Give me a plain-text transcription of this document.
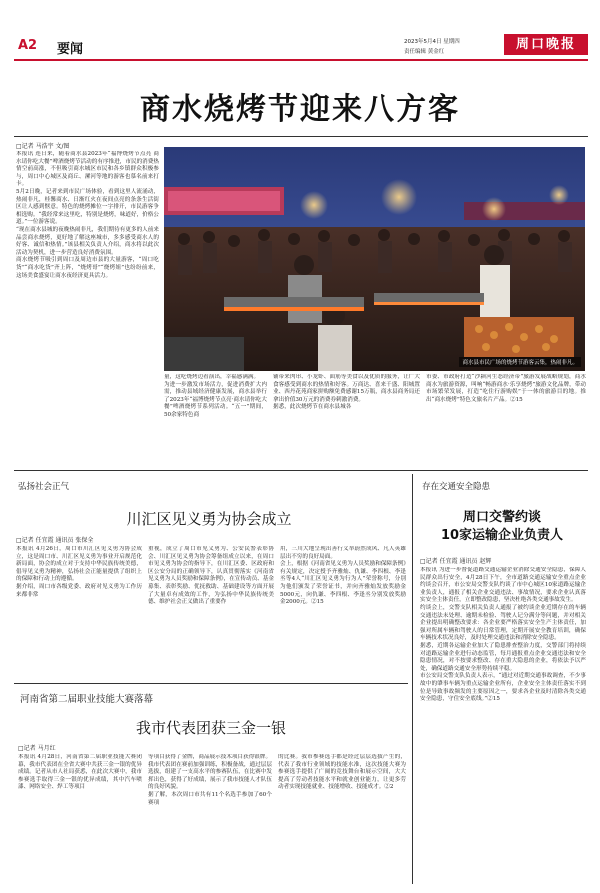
A2 要闻	2023年5月4日 星期四
责任编辑 黄金红	周口晚报
商水烧烤节迎来八方客
□记者 马浩宇 文/图
本报讯 连日来，随着商水县2023年“福博烧烤节点亮 商水请你吃大餐”啤酒烧烤节活动的有序推进，市民的消费热情空前高涨，不但吸引商水城区市民和各乡镇群众积极参与，周口中心城区及商丘、漯河等地的游客也慕名前来打卡。
5月2日晚，记者来到市民广场体验，看到这里人流涌动，热闹非凡，桂馨商水、日渐红火在夜间点亮的条条生活街区让人感到惬意。特色的烧烤摊位一字排开，市民游客争相选购。“我经常来这里吃，特别是烧烤，味道好，价格公道。”一位游客说。
“现在商水县城的夜晚热闹非凡，我们期待有更多的人前来品尝商水烧烤，更好地了解这座城市，多多感受商水人的好客、诚信和热情。”该县相关负责人介绍，商水将以此次活动为契机，进一步营造良好消费氛围。
商水烧烤节吸引到周口及周边市县的大量游客，“周口吃货”“商水吃货”齐上阵，“烧烤哥”“烧烤姐”也纷纷前来，这场美食盛宴让商水夜经济更具活力。
商水县市民广场的烧烤节游客云集，热闹非凡。
量，这吃烧烤边看演出，幸福感满满。
为进一步激发市场活力，促进消费扩大内需，推动县域经济健康发展，商水县举行了2023年“福博烧烤节点亮·商水请你吃大餐”啤酒烧烤节系列活动。“五一”期间，50余家特色商
铺带来肉串、小龙虾、面筋等美食以及优质的服务，让广大食客感受到商水的热情和好客。万商达、喜来千盛、阳城置业、西丹花苑商家拼购额免费感谢15万瓶，商水县商务局还拿出价值30万元的消费券刺激消费。
据悉，此次烧烤节在商水县城各
市委、市政府打造“沙颍河生态经济带”旅游发展战略规划，商水商水为旅游资源，叫响“畅游商水·乐享烧烤”旅游文化品牌，带动市场繁荣发展，打造“吃住行游购娱”于一体的旅游目的地。推出“商水烧烤”特色文旅名片产品。②15
弘扬社会正气
川汇区见义勇为协会成立
□记者 任宜霞 通讯员 张保全
本报讯 4月26日，周口市川汇区见义勇为协会成立，这是周口市、川汇区见义勇为事业开启规范化新局面，协会的成立对于支持中华民族传统美德，倡导见义勇为精神，弘扬社会正能量提供了组织上的保障和行动上的遵循。
据介绍，周口市各级党委、政府对见义勇为工作历来都非常
重视，成立了周口市见义勇为、公安民警表彰协会、川汇区见义勇为协会筹备组成立以来，在周口市见义勇为协会的指导下，在川汇区委、区政府和区公安分局的正确领导下，认真贯彻落实《河南省见义勇为人员奖励和保障条例》，在宣传动员、基金募集、表彰奖励、优抚救助、基础建设等方面开展了大量卓有成效的工作，为弘扬中华民族传统美德、维护社会正义做出了重要作
用，三川大地呈现出善行义举蔚然成风、凡人英雄层出不穷的良好局面。
会上，根据《河南省见义勇为人员奖励和保障条例》有关规定，决定授予齐雅灿、仇谦、李四根、李逢丞等4人“川汇区见义勇为行为人”荣誉称号，分别为他们颁发了荣誉证书，并向齐雅灿发放奖励金5000元，向仇谦、李四根、李逢丞分别发放奖励金2000元。②15
存在交通安全隐患
周口交警约谈
10家运输企业负责人
□记者 任宜霞 通讯员 赵辉
本报讯 为进一步督促道路交通运输企业消除交通安全隐患，保障人民群众出行安全，4月28日下午，全市道路交通运输安全重点企业约谈会召开，市公安局交警支队约谈了市中心城区10家道路运输企业负责人，通报了相关企业交通违法、事故情况，要求企业认真落实安全主体责任，立即整改隐患，坚决杜绝各类交通事故发生。
约谈会上，交警支队相关负责人通报了被约谈企业近期存在的车辆交通违法未处理、逾期未检验、驾驶人记分满分等问题，并对相关企业提出明确整改要求：各企业要严格落实安全生产主体责任，加强对所属车辆和驾驶人的日常管理，定期开展安全教育培训，确保车辆技术状况良好，及时处理交通违法和消除安全隐患。
据悉，近期各运输企业加大了隐患排查整治力度，交警部门将持续对道路运输企业进行动态监管，每月通报重点企业交通违法和安全隐患情况，对不按要求整改、存在重大隐患的企业，将依法予以严处，确保道路交通安全形势持续平稳。
市公安局交警支队负责人表示，“通过对近期交通事故调查，不少事故中的肇事车辆为重点运输企业所有，企业安全主体责任落实不到位是导致事故频发的主要原因之一，要求各企业及时清除各类交通安全隐患，守住安全底线。”②15
河南省第二届职业技能大赛落幕
我市代表团获三金一银
□记者 马月红
本报讯 4月28日，河南省第二届职业技能大赛闭幕，我市代表团在全省大赛中共获三金一银的优异成绩。记者从市人社局获悉，在此次大赛中，我市参赛选手取得三金一银的优异成绩，其中汽车喷漆、网络安全、焊工等项目
等项目获得了金牌，商品展示技术项目获得银牌。
我市代表团在赛前加强训练，积极备战，通过层层选拔，组建了一支高水平的参赛队伍，在比赛中发挥出色，获得了好成绩，展示了我市技能人才队伍的良好风貌。
据了解，本次周口市共有11个名选手参加了60个赛项
的比赛。我市参赛选手都是经过层层选拔产生的，代表了我市行业领域的技能水准，这次技能大赛为参赛选手提供了广阔的竞技舞台和展示空间，大大提高了劳动者技能水平和就业创业能力，让更多劳动者实现技能就业、技能增收、技能成才。②2
